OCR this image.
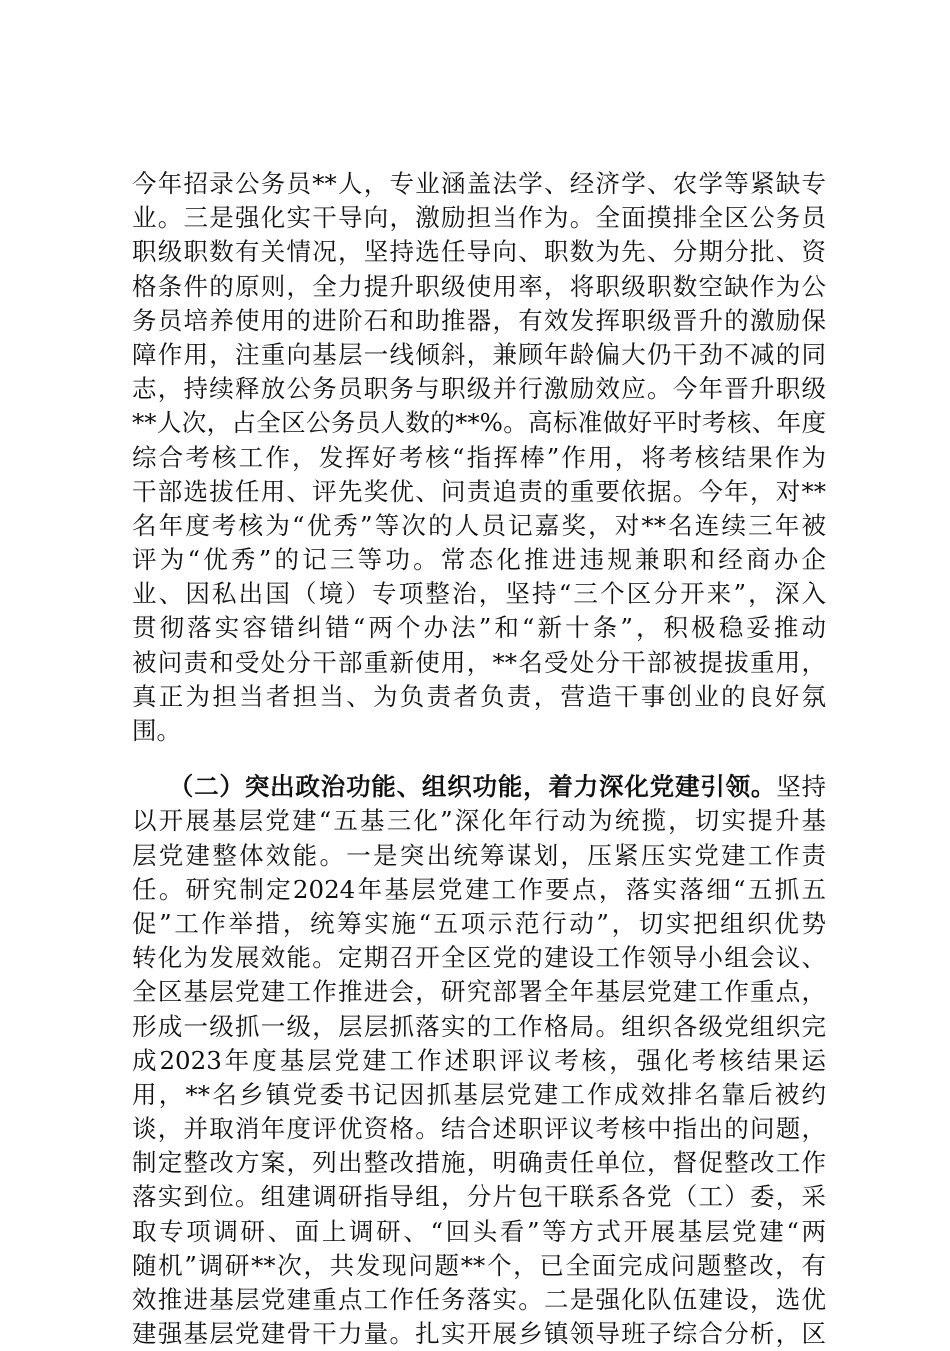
今年招录公务员**人，专业涵盖法学、经济学、农学等紧缺专
业。三是强化实干导向，激励担当作为。全面摸排全区公务员
职级职数有关情况，坚持选任导向、职数为先、分期分批、资
格条件的原则，全力提升职级使用率，将职级职数空缺作为公
务员培养使用的进阶石和助推器，有效发挥职级晋升的激励保
障作用，注重向基层一线倾斜，兼顾年龄偏大仍干劲不减的同
志，持续释放公务员职务与职级并行激励效应。今年晋升职级
**人次，占全区公务员人数的**%。高标准做好平时考核、年度
综合考核工作，发挥好考核“指挥棒”作用，将考核结果作为
干部选拔任用、评先奖优、问责追责的重要依据。今年，对**
名年度考核为“优秀”等次的人员记嘉奖，对**名连续三年被
评为“优秀”的记三等功。常态化推进违规兼职和经商办企
业、因私出国（境）专项整治，坚持“三个区分开来”，深入
贯彻落实容错纠错“两个办法”和“新十条”，积极稳妥推动
被问责和受处分干部重新使用，**名受处分干部被提拔重用，
真正为担当者担当、为负责者负责，营造干事创业的良好氛
围。
（二）突出政治功能、组织功能，着力深化党建引领。坚持
以开展基层党建“五基三化”深化年行动为统揽，切实提升基
层党建整体效能。一是突出统筹谋划，压紧压实党建工作责
任。研究制定2024年基层党建工作要点，落实落细“五抓五
促”工作举措，统筹实施“五项示范行动”，切实把组织优势
转化为发展效能。定期召开全区党的建设工作领导小组会议、
全区基层党建工作推进会，研究部署全年基层党建工作重点，
形成一级抓一级，层层抓落实的工作格局。组织各级党组织完
成2023年度基层党建工作述职评议考核，强化考核结果运
用，**名乡镇党委书记因抓基层党建工作成效排名靠后被约
谈，并取消年度评优资格。结合述职评议考核中指出的问题，
制定整改方案，列出整改措施，明确责任单位，督促整改工作
落实到位。组建调研指导组，分片包干联系各党（工）委，采
取专项调研、面上调研、“回头看”等方式开展基层党建“两
随机”调研**次，共发现问题**个，已全面完成问题整改，有
效推进基层党建重点工作任务落实。二是强化队伍建设，选优
建强基层党建骨干力量。扎实开展乡镇领导班子综合分析，区
